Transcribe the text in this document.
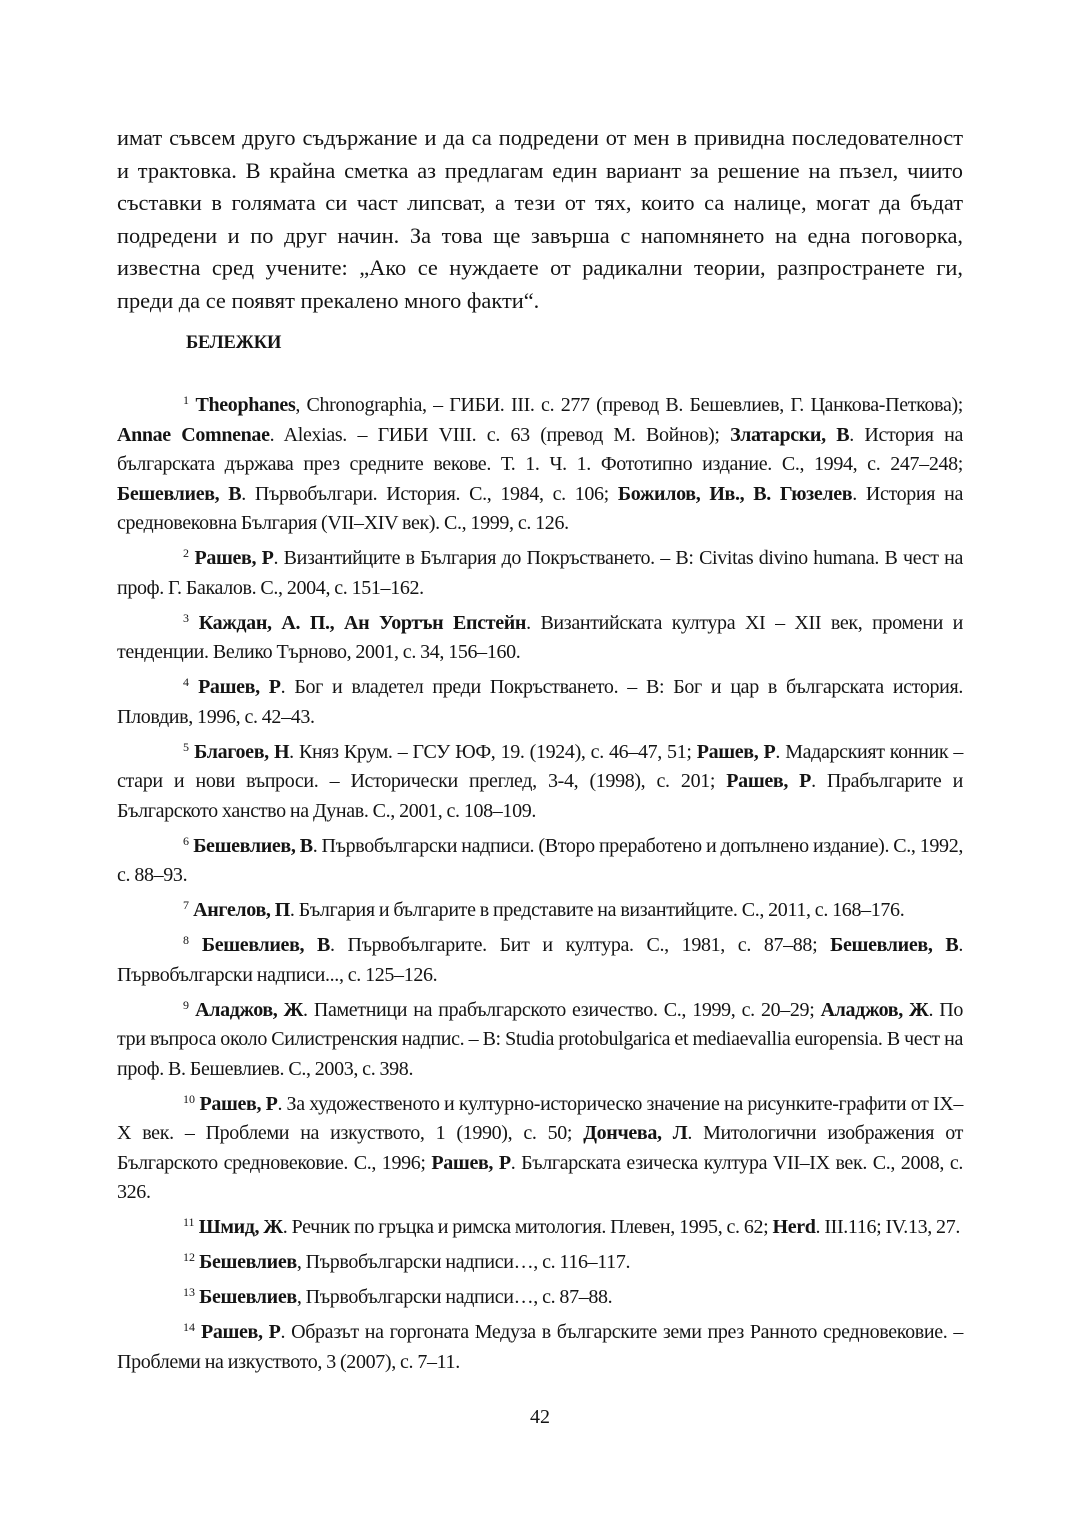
имат съвсем друго съдържание и да са подредени от мен в привидна последователност и трактовка. В крайна сметка аз предлагам един вариант за решение на пъзел, чиито съставки в голямата си част липсват, а тези от тях, които са налице, могат да бъдат подредени и по друг начин. За това ще завърша с напомнянето на една поговорка, известна сред учените: „Ако се нуждаете от радикални теории, разпространете ги, преди да се появят прекалено много факти“.

БЕЛЕЖКИ

$^1$ Theophanes, Chronographia, – ГИБИ. III. с. 277 (превод В. Бешевлиев, Г. Цанкова-Петкова); Annae Comnenae. Alexias. – ГИБИ VIII. с. 63 (превод М. Войнов); Златарски, В. История на българската държава през средните векове. Т. 1. Ч. 1. Фототипно издание. С., 1994, с. 247–248; Бешевлиев, В. Първобългари. История. С., 1984, с. 106; Божилов, Ив., В. Гюзелев. История на средновековна България (VII–XIV век). С., 1999, с. 126.

$^2$ Рашев, Р. Византийците в България до Покръстването. – В: Civitas divino humana. В чест на проф. Г. Бакалов. С., 2004, с. 151–162.

$^3$ Каждан, А. П., Ан Уортън Епстейн. Византийската култура XI – XII век, промени и тенденции. Велико Търново, 2001, с. 34, 156–160.

$^4$ Рашев, Р. Бог и владетел преди Покръстването. – В: Бог и цар в българската история. Пловдив, 1996, с. 42–43.

$^5$ Благоев, Н. Княз Крум. – ГСУ ЮФ, 19. (1924), с. 46–47, 51; Рашев, Р. Мадарският конник – стари и нови въпроси. – Исторически преглед, 3-4, (1998), с. 201; Рашев, Р. Прабългарите и Българското ханство на Дунав. С., 2001, с. 108–109.

$^6$ Бешевлиев, В. Първобългарски надписи. (Второ преработено и допълнено издание). С., 1992, с. 88–93.

$^7$ Ангелов, П. България и българите в представите на византийците. С., 2011, с. 168–176.

$^8$ Бешевлиев, В. Първобългарите. Бит и култура. С., 1981, с. 87–88; Бешевлиев, В. Първобългарски надписи..., с. 125–126.

$^9$ Аладжов, Ж. Паметници на прабългарското езичество. С., 1999, с. 20–29; Аладжов, Ж. По три въпроса около Силистренския надпис. – В: Studia protobulgarica et mediaevallia europensia. В чест на проф. В. Бешевлиев. С., 2003, с. 398.

$^{10}$ Рашев, Р. За художественото и културно-историческо значение на рисунките-графити от IX–X век. – Проблеми на изкуството, 1 (1990), с. 50; Дончева, Л. Митологични изображения от Българското средновековие. С., 1996; Рашев, Р. Българската езическа култура VII–IX век. С., 2008, с. 326.

$^{11}$ Шмид, Ж. Речник по гръцка и римска митология. Плевен, 1995, с. 62; Herd. III.116; IV.13, 27.

$^{12}$ Бешевлиев, Първобългарски надписи…, с. 116–117.

$^{13}$ Бешевлиев, Първобългарски надписи…, с. 87–88.

$^{14}$ Рашев, Р. Образът на горгоната Медуза в българските земи през Ранното средновековие. – Проблеми на изкуството, 3 (2007), с. 7–11.

42
